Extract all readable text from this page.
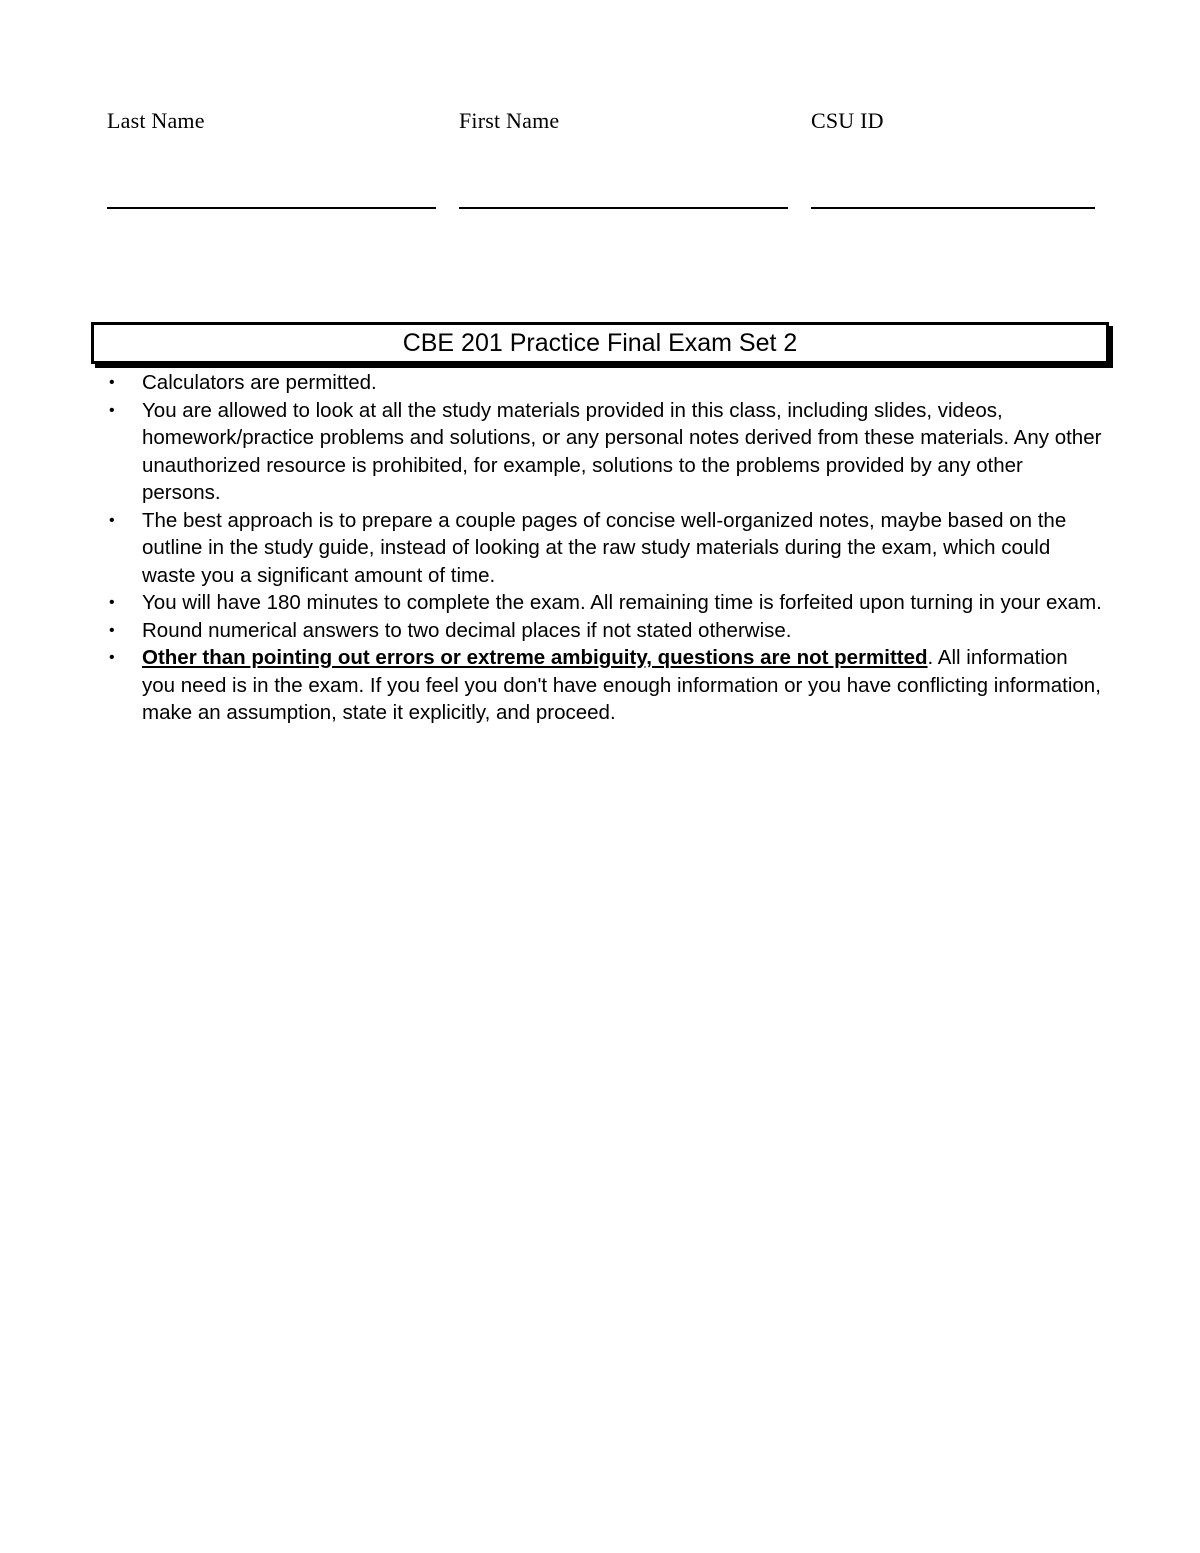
Last Name	First Name	CSU ID
CBE 201 Practice Final Exam Set 2
• Calculators are permitted.
• You are allowed to look at all the study materials provided in this class, including slides, videos, homework/practice problems and solutions, or any personal notes derived from these materials. Any other unauthorized resource is prohibited, for example, solutions to the problems provided by any other persons.
• The best approach is to prepare a couple pages of concise well-organized notes, maybe based on the outline in the study guide, instead of looking at the raw study materials during the exam, which could waste you a significant amount of time.
• You will have 180 minutes to complete the exam. All remaining time is forfeited upon turning in your exam.
• Round numerical answers to two decimal places if not stated otherwise.
• Other than pointing out errors or extreme ambiguity, questions are not permitted. All information you need is in the exam. If you feel you don't have enough information or you have conflicting information, make an assumption, state it explicitly, and proceed.
